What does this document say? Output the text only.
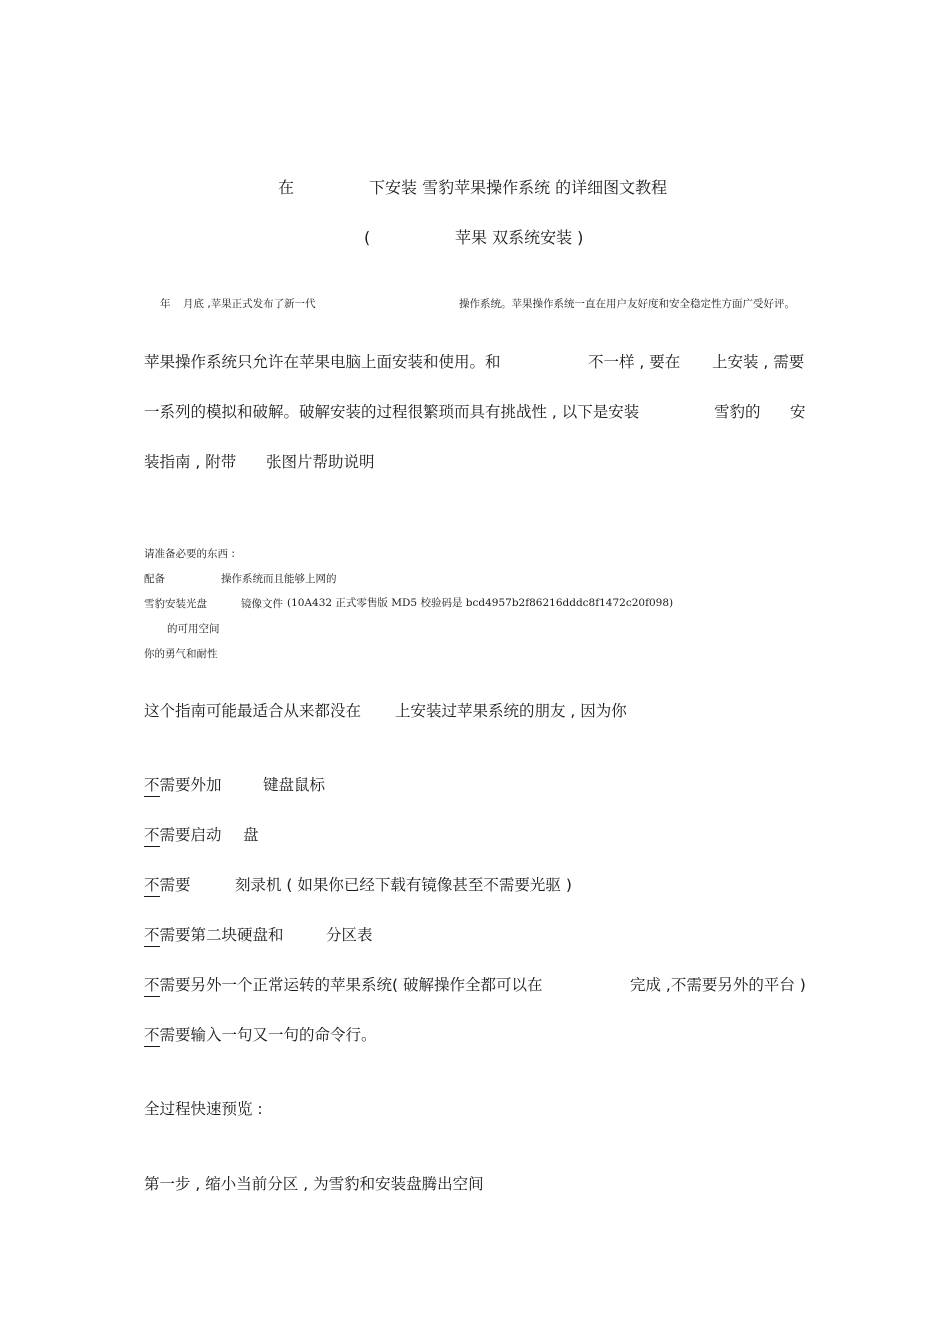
在	下安装 雪豹苹果操作系统 的详细图文教程
(	苹果 双系统安装 )
年 月底 ,苹果正式发布了新一代	操作系统。苹果操作系统一直在用户友好度和安全稳定性方面广受好评。
苹果操作系统只允许在苹果电脑上面安装和使用。和	不一样 , 要在 上安装 , 需要
一系列的模拟和破解。破解安装的过程很繁琐而具有挑战性 , 以下是安装	雪豹的 安
装指南 , 附带 张图片帮助说明
请准备必要的东西 :
配备	操作系统而且能够上网的
雪豹安装光盘	镜像文件 (10A432 正式零售版 MD5 校验码是 bcd4957b2f86216dddc8f1472c20f098)
的可用空间
你的勇气和耐性
这个指南可能最适合从来都没在 上安装过苹果系统的朋友 , 因为你
不需要外加	键盘鼠标
不需要启动 盘
不需要	刻录机 ( 如果你已经下载有镜像甚至不需要光驱 )
不需要第二块硬盘和	分区表
不需要另外一个正常运转的苹果系统( 破解操作全都可以在	完成 ,不需要另外的平台 )
不需要输入一句又一句的命令行。
全过程快速预览 :
第一步 , 缩小当前分区 , 为雪豹和安装盘腾出空间
